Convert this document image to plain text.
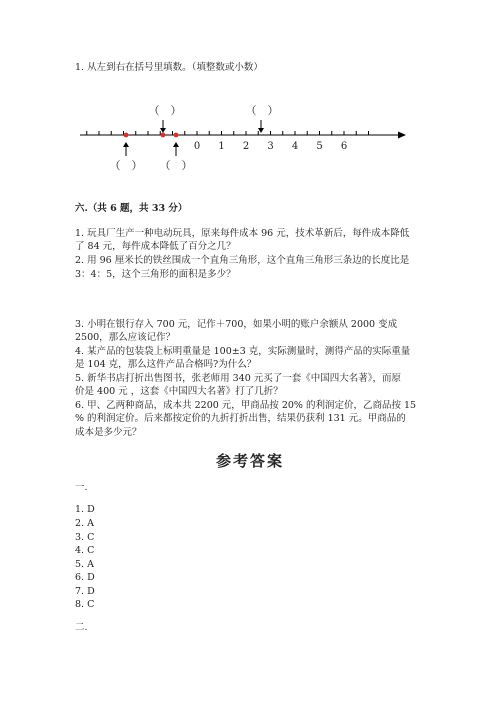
1. 从左到右在括号里填数。（填整数或小数）
0 1 2 3 4 5 6
（　）	（　）
（　） （　）
六.（共 6 题，共 33 分）
1. 玩具厂生产一种电动玩具，原来每件成本 96 元，技术革新后，每件成本降低
了 84 元，每件成本降低了百分之几？
2. 用 96 厘米长的铁丝围成一个直角三角形，这个直角三角形三条边的长度比是
3：4：5，这个三角形的面积是多少？
3. 小明在银行存入 700 元，记作＋700，如果小明的账户余额从 2000 变成
2500，那么应该记作？
4. 某产品的包装袋上标明重量是 100±3 克，实际测量时，测得产品的实际重量
是 104 克，那么这件产品合格吗?为什么？
5. 新华书店打折出售图书，张老师用 340 元买了一套《中国四大名著》，而原
价是 400 元 ，这套《中国四大名著》打了几折？
6. 甲、乙两种商品，成本共 2200 元，甲商品按 20% 的利润定价，乙商品按 15
% 的利润定价。后来都按定价的九折打折出售，结果仍获利 131 元。甲商品的
成本是多少元？
参考答案
一.
1. D
2. A
3. C
4. C
5. A
6. D
7. D
8. C
二.
